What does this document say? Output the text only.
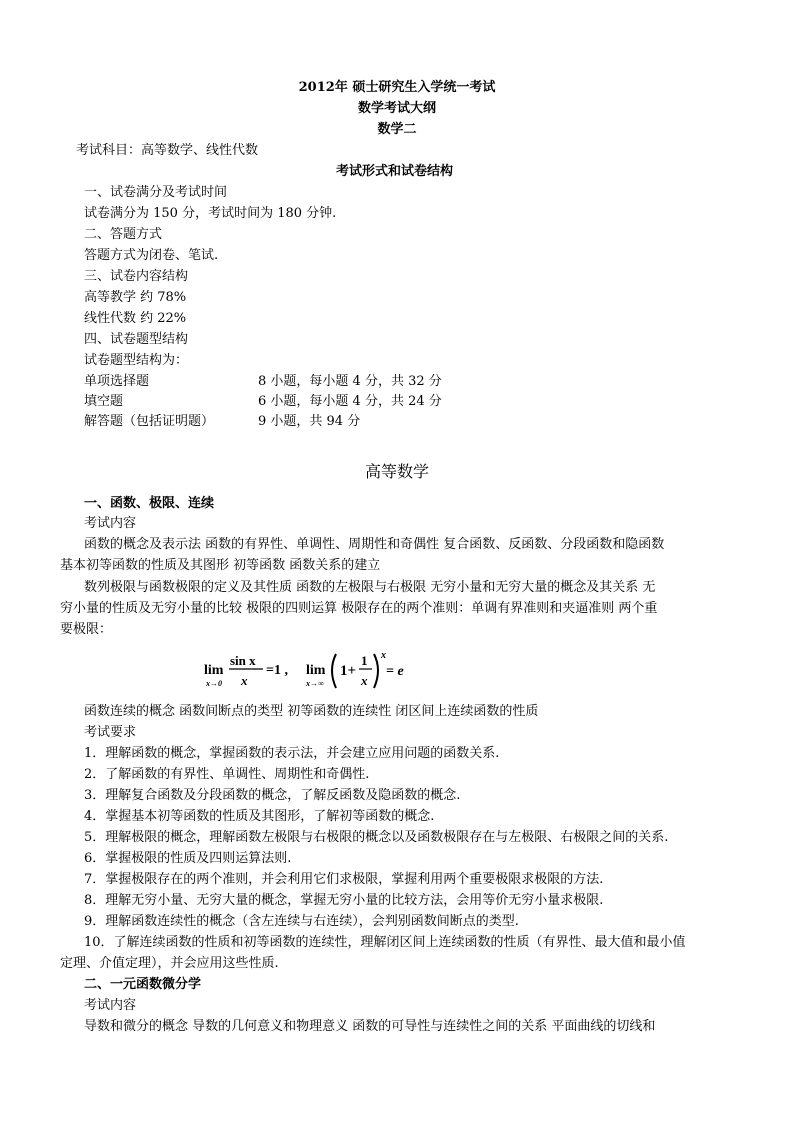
2012年 硕士研究生入学统一考试
数学考试大纲
数学二
考试科目：高等数学、线性代数
考试形式和试卷结构
一、试卷满分及考试时间
试卷满分为 150 分，考试时间为 180 分钟.
二、答题方式
答题方式为闭卷、笔试.
三、试卷内容结构
高等教学 约 78%
线性代数 约 22%
四、试卷题型结构
试卷题型结构为：
单项选择题	8 小题，每小题 4 分，共 32 分
填空题	6 小题，每小题 4 分，共 24 分
解答题（包括证明题）	9 小题，共 94 分
高等数学
一、函数、极限、连续
考试内容
函数的概念及表示法 函数的有界性、单调性、周期性和奇偶性 复合函数、反函数、分段函数和隐函数
基本初等函数的性质及其图形 初等函数 函数关系的建立
数列极限与函数极限的定义及其性质 函数的左极限与右极限 无穷小量和无穷大量的概念及其关系 无
穷小量的性质及无穷小量的比较 极限的四则运算 极限存在的两个准则：单调有界准则和夹逼准则 两个重
要极限：
lim
x→0
sin x
x
=1 , lim
x→∞
1+
1
x
x
= e
函数连续的概念 函数间断点的类型 初等函数的连续性 闭区间上连续函数的性质
考试要求
1．理解函数的概念，掌握函数的表示法，并会建立应用问题的函数关系.
2．了解函数的有界性、单调性、周期性和奇偶性.
3．理解复合函数及分段函数的概念，了解反函数及隐函数的概念.
4．掌握基本初等函数的性质及其图形，了解初等函数的概念.
5．理解极限的概念，理解函数左极限与右极限的概念以及函数极限存在与左极限、右极限之间的关系.
6．掌握极限的性质及四则运算法则.
7．掌握极限存在的两个准则，并会利用它们求极限，掌握利用两个重要极限求极限的方法.
8．理解无穷小量、无穷大量的概念，掌握无穷小量的比较方法，会用等价无穷小量求极限.
9．理解函数连续性的概念（含左连续与右连续），会判别函数间断点的类型.
10．了解连续函数的性质和初等函数的连续性，理解闭区间上连续函数的性质（有界性、最大值和最小值
定理、介值定理），并会应用这些性质.
二、一元函数微分学
考试内容
导数和微分的概念 导数的几何意义和物理意义 函数的可导性与连续性之间的关系 平面曲线的切线和
